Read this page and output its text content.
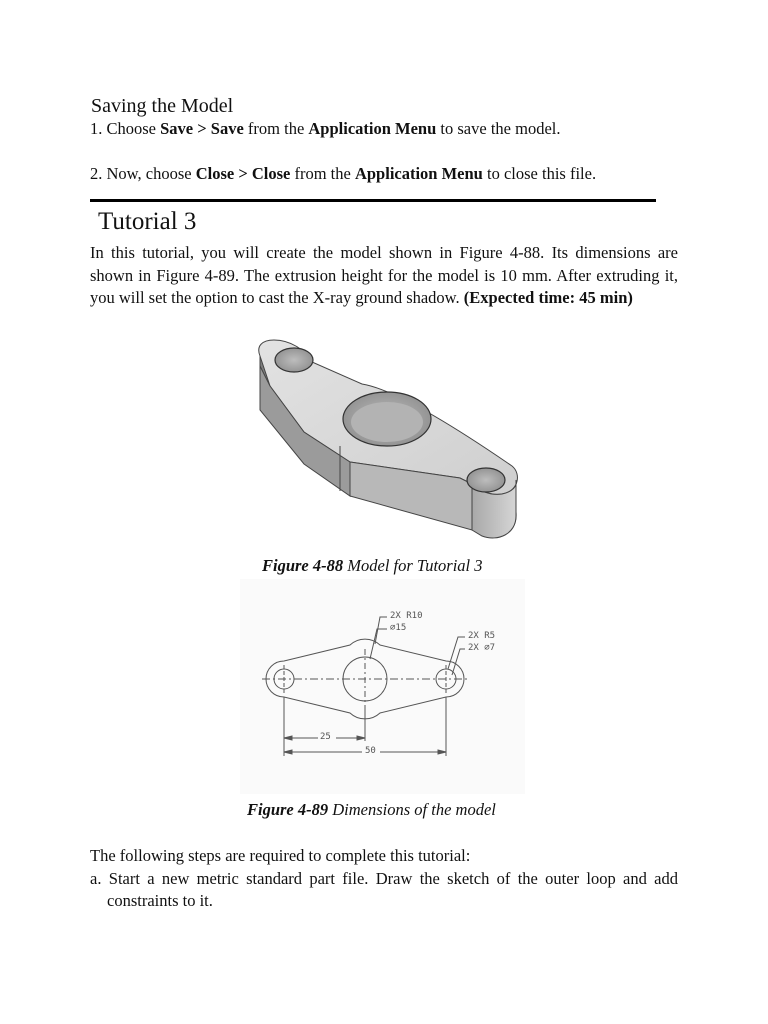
Saving the Model
1. Choose Save > Save from the Application Menu to save the model.
2. Now, choose Close > Close from the Application Menu to close this file.
Tutorial 3
In this tutorial, you will create the model shown in Figure 4-88. Its dimensions are shown in Figure 4-89. The extrusion height for the model is 10 mm. After extruding it, you will set the option to cast the X-ray ground shadow. (Expected time: 45 min)
Figure 4-88 Model for Tutorial 3
2X R10
⌀15
2X R5
2X ⌀7
25
50
Figure 4-89 Dimensions of the model
The following steps are required to complete this tutorial:
a. Start a new metric standard part file. Draw the sketch of the outer loop and add constraints to it.
